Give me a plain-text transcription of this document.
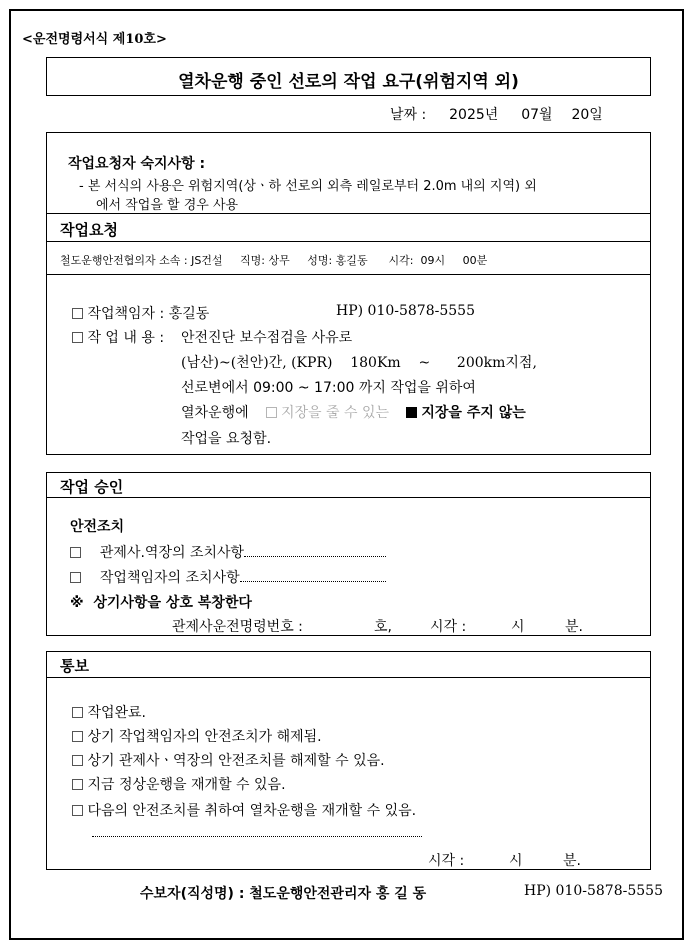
<운전명령서식 제10호>
열차운행 중인 선로의 작업 요구(위험지역 외)
날짜 : 2025년 07월 20일
작업요청자 숙지사항 :
- 본 서식의 사용은 위험지역(상ㆍ하 선로의 외측 레일로부터 2.0m 내의 지역) 외
에서 작업을 할 경우 사용
작업요청
철도운행안전협의자 소속 : JS건설     직명: 상무     성명: 홍길동      시각:  09시     00분
작업책임자 : 홍길동	HP) 010-5878-5555
작 업 내 용 : 안전진단 보수점검을 사유로
(남산)~(천안)간, (KPR)    180Km    ~      200km지점,
선로변에서 09:00 ~ 17:00 까지 작업을 위하여
열차운행에 지장을 줄 수 있는 지장을 주지 않는
작업을 요청함.
작업 승인
안전조치
관제사.역장의 조치사항
작업책임자의 조치사항
※  상기사항을 상호 복창한다
관제사운전명령번호 :	호,	시각 :	시	분.
통보
작업완료.
상기 작업책임자의 안전조치가 해제됨.
상기 관제사ㆍ역장의 안전조치를 해제할 수 있음.
지금 정상운행을 재개할 수 있음.
다음의 안전조치를 취하여 열차운행을 재개할 수 있음.
시각 :	시	분.
수보자(직성명) : 철도운행안전관리자 홍 길 동	HP) 010-5878-5555
